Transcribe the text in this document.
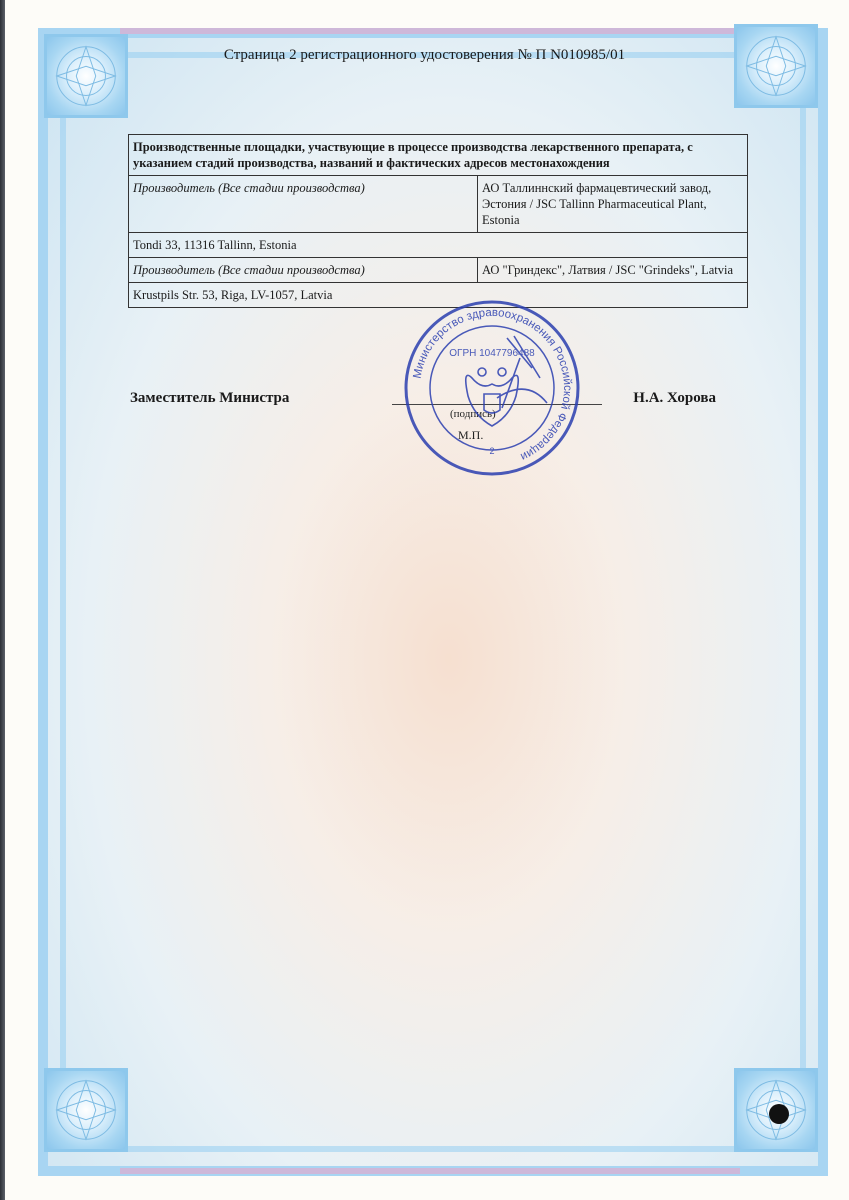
Страница 2 регистрационного удостоверения № П N010985/01
Производственные площадки, участвующие в процессе производства лекарственного препарата, с указанием стадий производства, названий и фактических адресов местонахождения	
Производитель (Все стадии производства)	АО Таллиннский фармацевтический завод, Эстония / JSC Tallinn Pharmaceutical Plant, Estonia
Tondi 33, 11316 Tallinn, Estonia	
Производитель (Все стадии производства)	АО "Гриндекс", Латвия / JSC "Grindeks", Latvia
Krustpils Str. 53, Riga, LV-1057, Latvia	
Заместитель Министра	Н.А. Хорова
(подпись)
М.П.
Министерство здравоохранения Российской Федерации
ОГРН 1047796488
2
